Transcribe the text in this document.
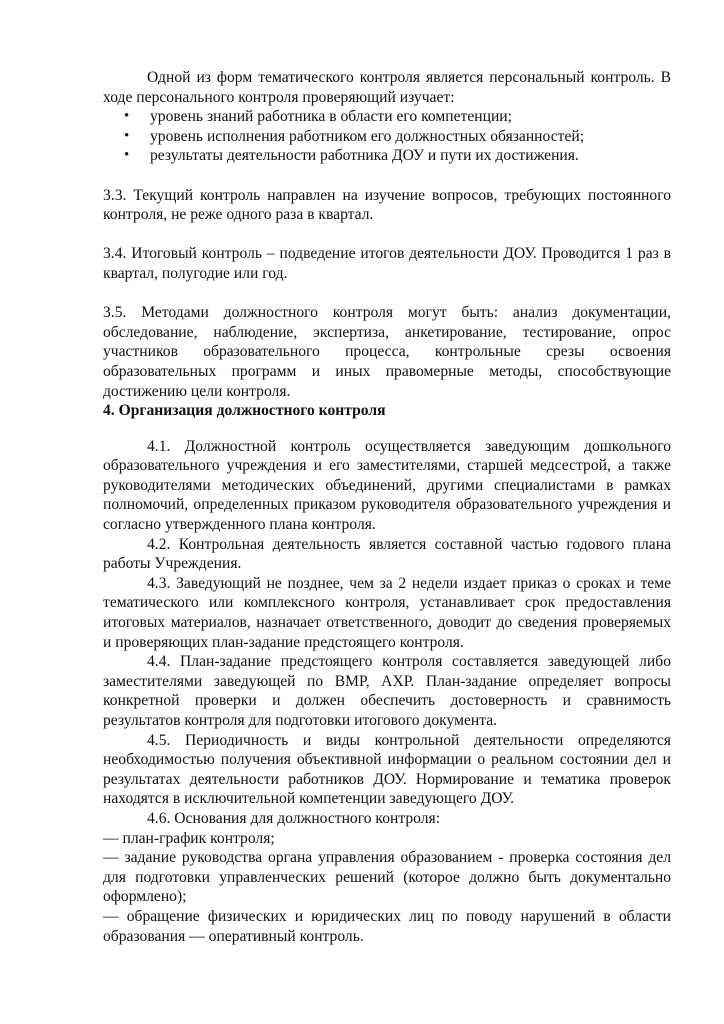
Одной из форм тематического контроля является персональный контроль. В ходе персонального контроля проверяющий изучает:

• уровень знаний работника в области его компетенции;
• уровень исполнения работником его должностных обязанностей;
• результаты деятельности работника ДОУ и пути их достижения.

3.3. Текущий контроль направлен на изучение вопросов, требующих постоянного контроля, не реже одного раза в квартал.

3.4. Итоговый контроль – подведение итогов деятельности ДОУ. Проводится 1 раз в квартал, полугодие или год.

3.5. Методами должностного контроля могут быть: анализ документации, обследование, наблюдение, экспертиза, анкетирование, тестирование, опрос участников образовательного процесса, контрольные срезы освоения образовательных программ и иных правомерные методы, способствующие достижению цели контроля.

4. Организация должностного контроля

4.1. Должностной контроль осуществляется заведующим дошкольного образовательного учреждения и его заместителями, старшей медсестрой, а также руководителями методических объединений, другими специалистами в рамках полномочий, определенных приказом руководителя образовательного учреждения и согласно утвержденного плана контроля.

4.2. Контрольная деятельность является составной частью годового плана работы Учреждения.

4.3. Заведующий не позднее, чем за 2 недели издает приказ о сроках и теме тематического или комплексного контроля, устанавливает срок предоставления итоговых материалов, назначает ответственного, доводит до сведения проверяемых и проверяющих план-задание предстоящего контроля.

4.4. План-задание предстоящего контроля составляется заведующей либо заместителями заведующей по ВМР, АХР. План-задание определяет вопросы конкретной проверки и должен обеспечить достоверность и сравнимость результатов контроля для подготовки итогового документа.

4.5. Периодичность и виды контрольной деятельности определяются необходимостью получения объективной информации о реальном состоянии дел и результатах деятельности работников ДОУ. Нормирование и тематика проверок находятся в исключительной компетенции заведующего ДОУ.

4.6. Основания для должностного контроля:

— план-график контроля;

— задание руководства органа управления образованием - проверка состояния дел для подготовки управленческих решений (которое должно быть документально оформлено);

— обращение физических и юридических лиц по поводу нарушений в области образования — оперативный контроль.
